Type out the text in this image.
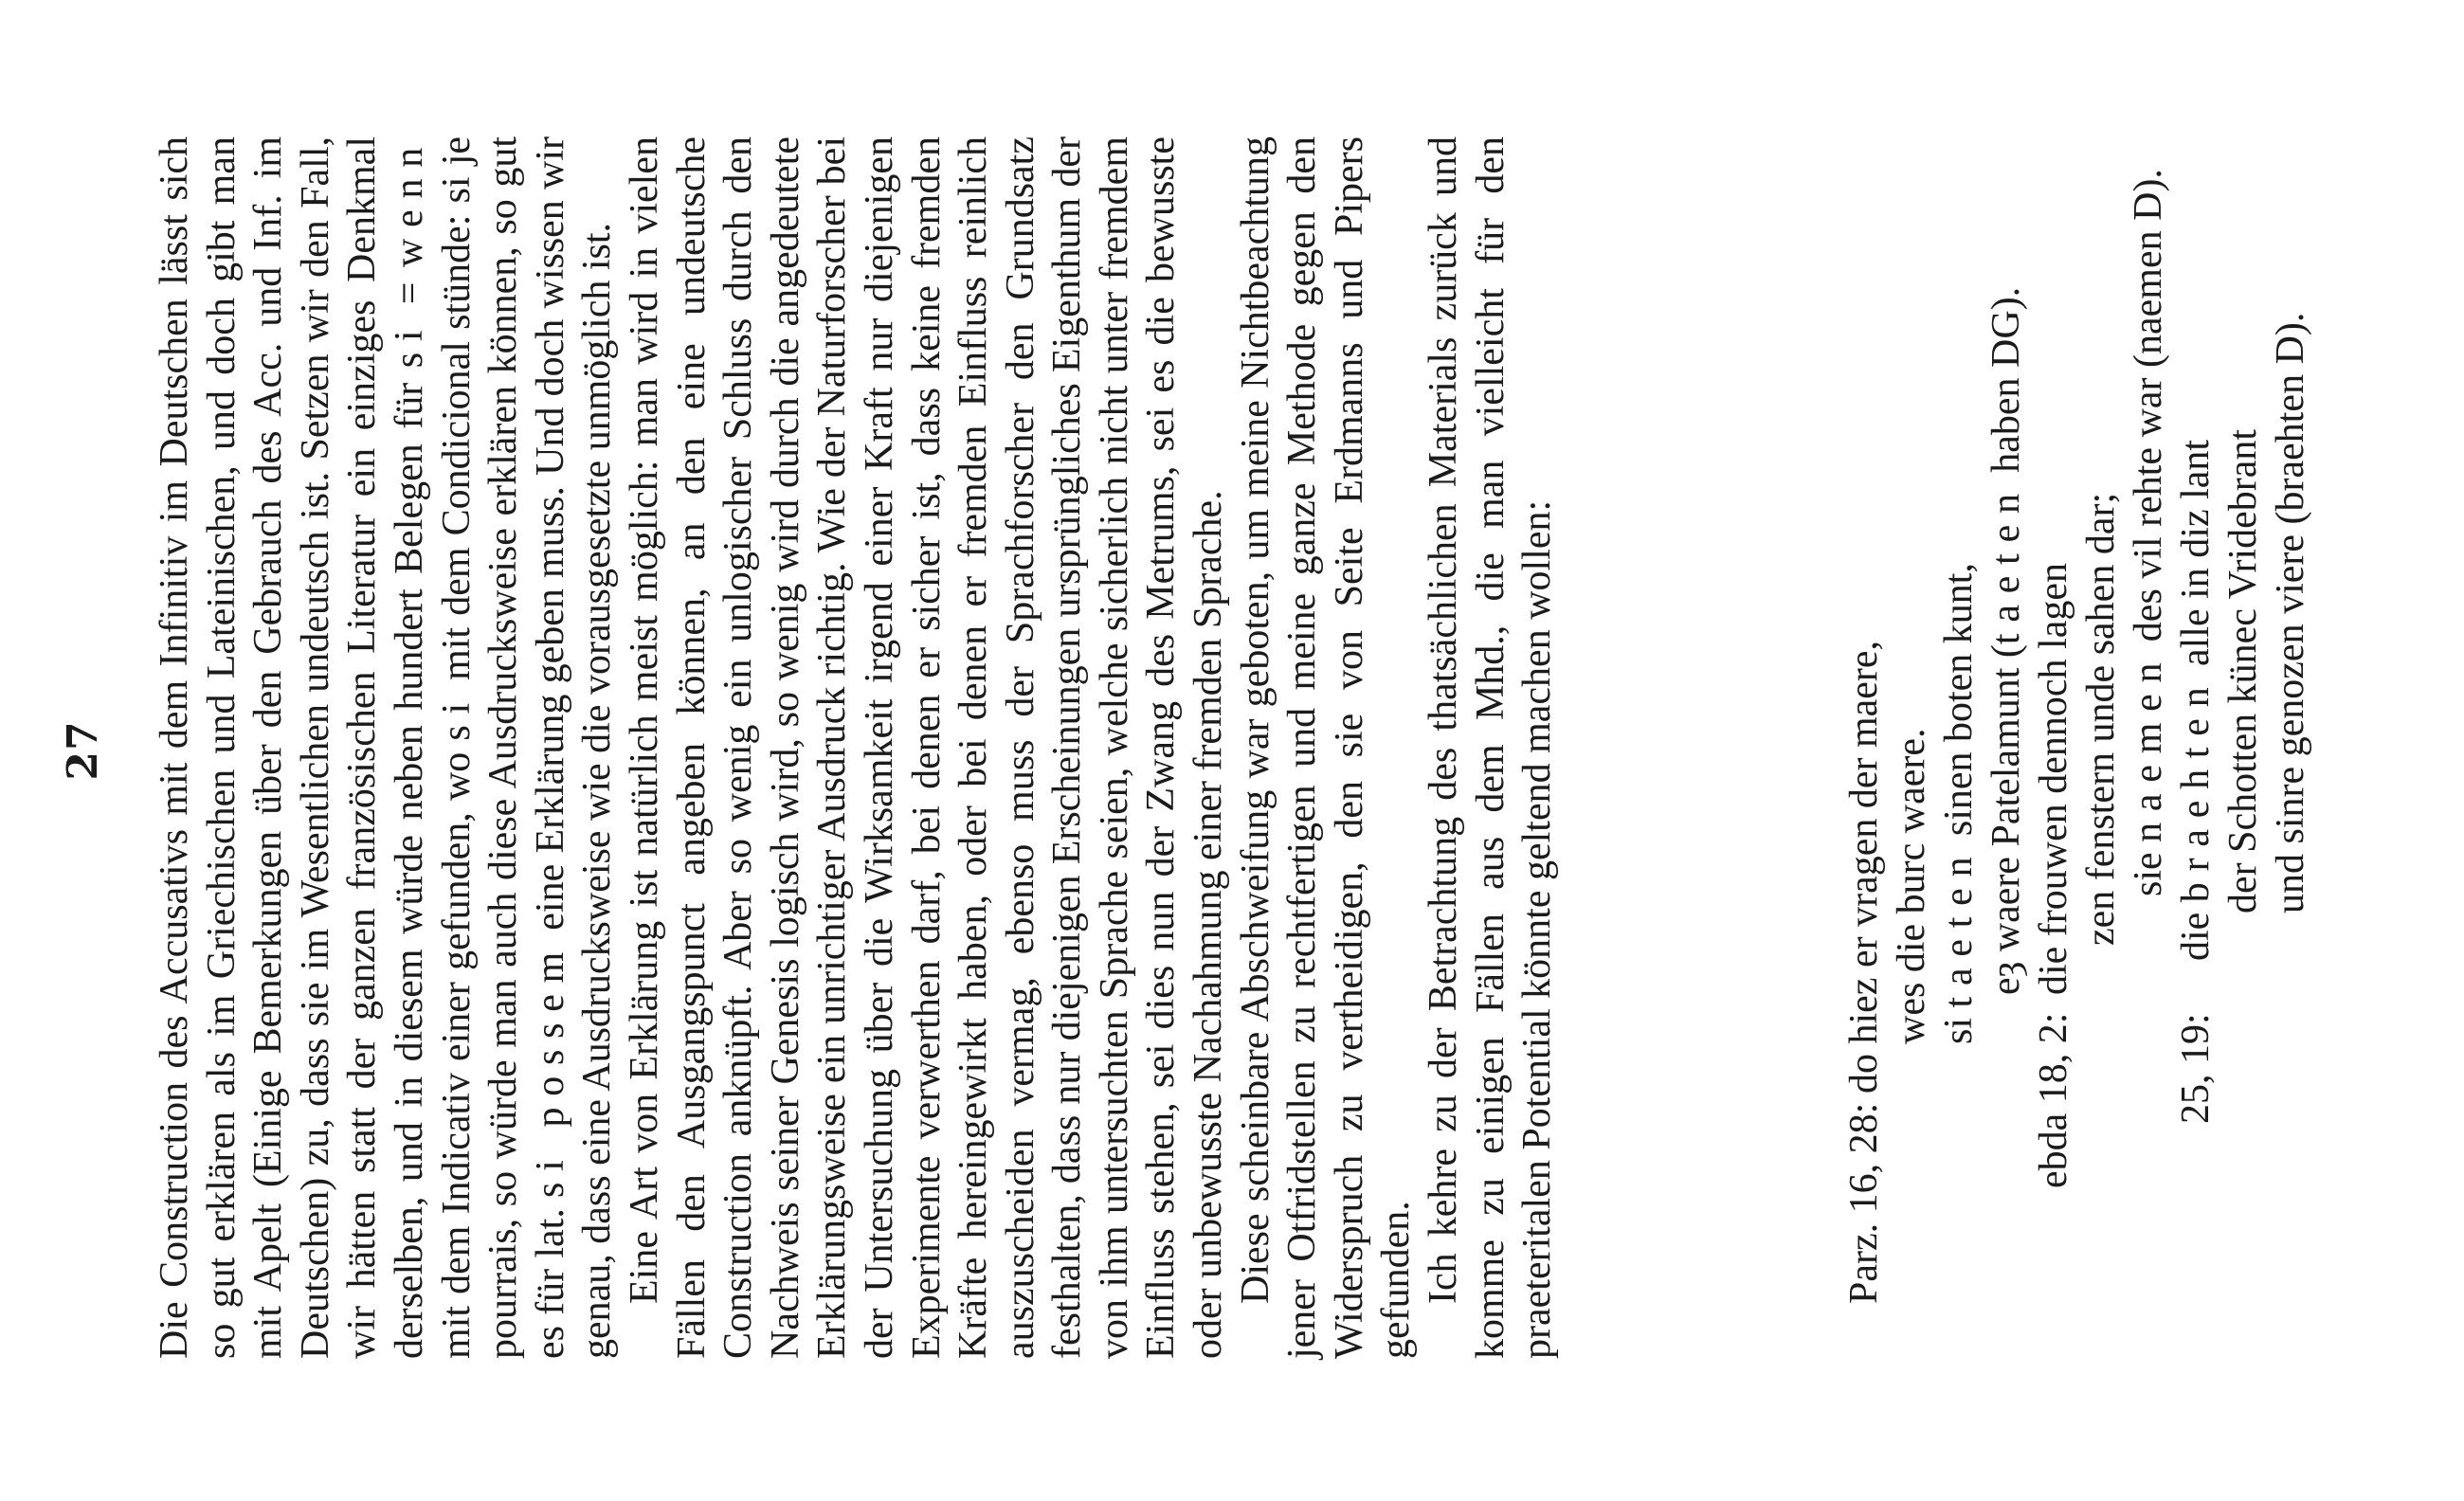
27 Die Construction des Accusativs mit dem Infinitiv im Deutschen lässt sich so gut erklären als im Griechischen und Lateinischen, und doch gibt man mit Apelt (Einige Bemerkungen über den Gebrauch des Acc. und Inf. im Deutschen) zu, dass sie im Wesentlichen undeutsch ist. Setzen wir den Fall, wir hätten statt der ganzen französischen Literatur ein einziges Denkmal derselben, und in diesem würde neben hundert Belegen für si = wenn mit dem Indicativ einer gefunden, wo si mit dem Condicional stünde: si je pourrais, so würde man auch diese Ausdrucksweise erklären können, so gut es für lat. si possem eine Erklärung geben muss. Und doch wissen wir genau, dass eine Ausdrucksweise wie die vorausgesetzte unmöglich ist. Eine Art von Erklärung ist natürlich meist möglich: man wird in vielen Fällen den Ausgangspunct angeben können, an den eine undeutsche Construction anknüpft. Aber so wenig ein unlogischer Schluss durch den Nachweis seiner Genesis logisch wird, so wenig wird durch die angedeutete Erklärungsweise ein unrichtiger Ausdruck richtig. Wie der Naturforscher bei der Untersuchung über die Wirksamkeit irgend einer Kraft nur diejenigen Experimente verwerthen darf, bei denen er sicher ist, dass keine fremden Kräfte hereingewirkt haben, oder bei denen er fremden Einfluss reinlich auszuscheiden vermag, ebenso muss der Sprachforscher den Grundsatz festhalten, dass nur diejenigen Erscheinungen ursprüngliches Eigenthum der von ihm untersuchten Sprache seien, welche sicherlich nicht unter fremdem Einfluss stehen, sei dies nun der Zwang des Metrums, sei es die bewusste oder unbewusste Nachahmung einer fremden Sprache. Diese scheinbare Abschweifung war geboten, um meine Nichtbeachtung jener Otfridstellen zu rechtfertigen und meine ganze Methode gegen den Widerspruch zu vertheidigen, den sie von Seite Erdmanns und Pipers gefunden. Ich kehre zu der Betrachtung des thatsächlichen Materials zurück und komme zu einigen Fällen aus dem Mhd., die man vielleicht für den praeteritalen Potential könnte geltend machen wollen:	Parz. 16, 28:
do hiez er vragen der maere, wes die burc waere. si taeten sinen boten kunt, eȝ waere Patelamunt (taeten haben DG).
ebda 18, 2:
die frouwen dennoch lagen zen fenstern unde sahen dar; sie naemen des vil rehte war (naemen D).
25, 19:
die braehten alle in diz lant der Schotten künec Vridebrant und sinre genozen viere (braehten D).
